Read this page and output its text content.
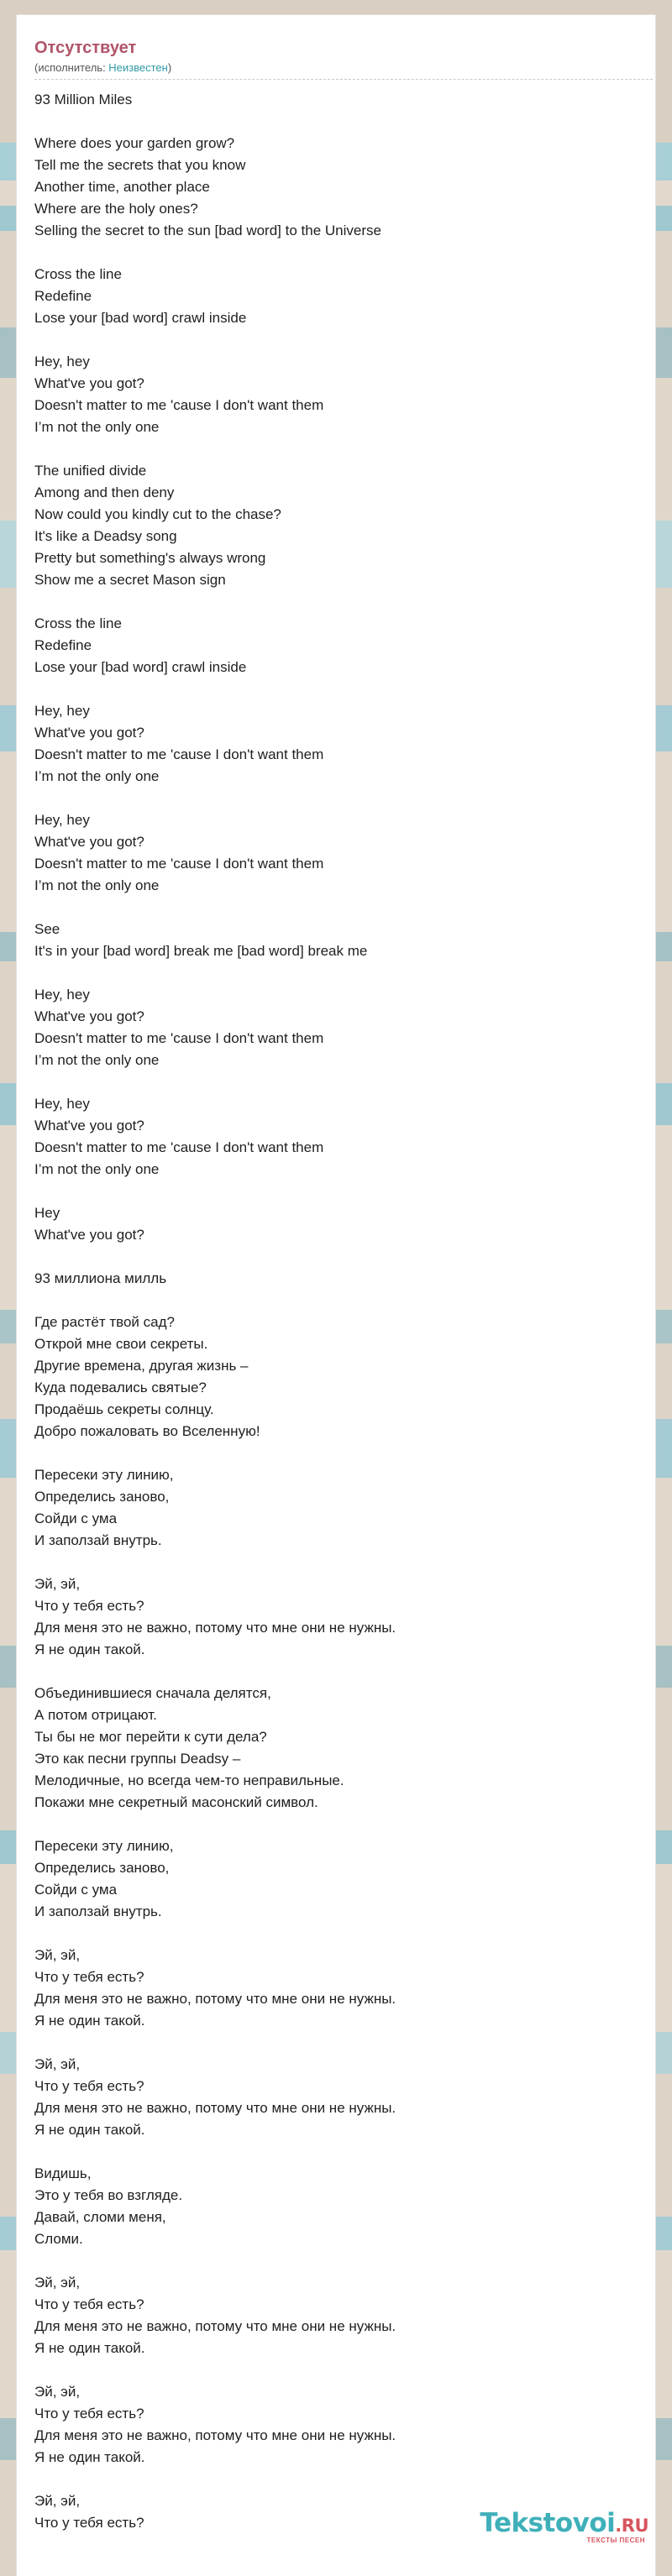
Отсутствует
(исполнитель: Неизвестен)
93 Million Miles
Where does your garden grow?
Tell me the secrets that you know
Another time, another place
Where are the holy ones?
Selling the secret to the sun [bad word] to the Universe
Cross the line
Redefine
Lose your [bad word] crawl inside
Hey, hey
What've you got?
Doesn't matter to me 'cause I don't want them
I’m not the only one
The unified divide
Among and then deny
Now could you kindly cut to the chase?
It's like a Deadsy song
Pretty but something's always wrong
Show me a secret Mason sign
Cross the line
Redefine
Lose your [bad word] crawl inside
Hey, hey
What've you got?
Doesn't matter to me 'cause I don't want them
I’m not the only one
Hey, hey
What've you got?
Doesn't matter to me 'cause I don't want them
I’m not the only one
See
It's in your [bad word] break me [bad word] break me
Hey, hey
What've you got?
Doesn't matter to me 'cause I don't want them
I’m not the only one
Hey, hey
What've you got?
Doesn't matter to me 'cause I don't want them
I’m not the only one
Hey
What've you got?
93 миллиона милль
Где растёт твой сад?
Открой мне свои секреты.
Другие времена, другая жизнь –
Куда подевались святые?
Продаёшь секреты солнцу.
Добро пожаловать во Вселенную!
Пересеки эту линию,
Определись заново,
Сойди с ума
И заползай внутрь.
Эй, эй,
Что у тебя есть?
Для меня это не важно, потому что мне они не нужны.
Я не один такой.
Объединившиеся сначала делятся,
А потом отрицают.
Ты бы не мог перейти к сути дела?
Это как песни группы Deadsy –
Мелодичные, но всегда чем-то неправильные.
Покажи мне секретный масонский символ.
Пересеки эту линию,
Определись заново,
Сойди с ума
И заползай внутрь.
Эй, эй,
Что у тебя есть?
Для меня это не важно, потому что мне они не нужны.
Я не один такой.
Эй, эй,
Что у тебя есть?
Для меня это не важно, потому что мне они не нужны.
Я не один такой.
Видишь,
Это у тебя во взгляде.
Давай, сломи меня,
Сломи.
Эй, эй,
Что у тебя есть?
Для меня это не важно, потому что мне они не нужны.
Я не один такой.
Эй, эй,
Что у тебя есть?
Для меня это не важно, потому что мне они не нужны.
Я не один такой.
Эй, эй,
Что у тебя есть?	Tekstovoi.RU
ТЕКСТЫ ПЕСЕН
